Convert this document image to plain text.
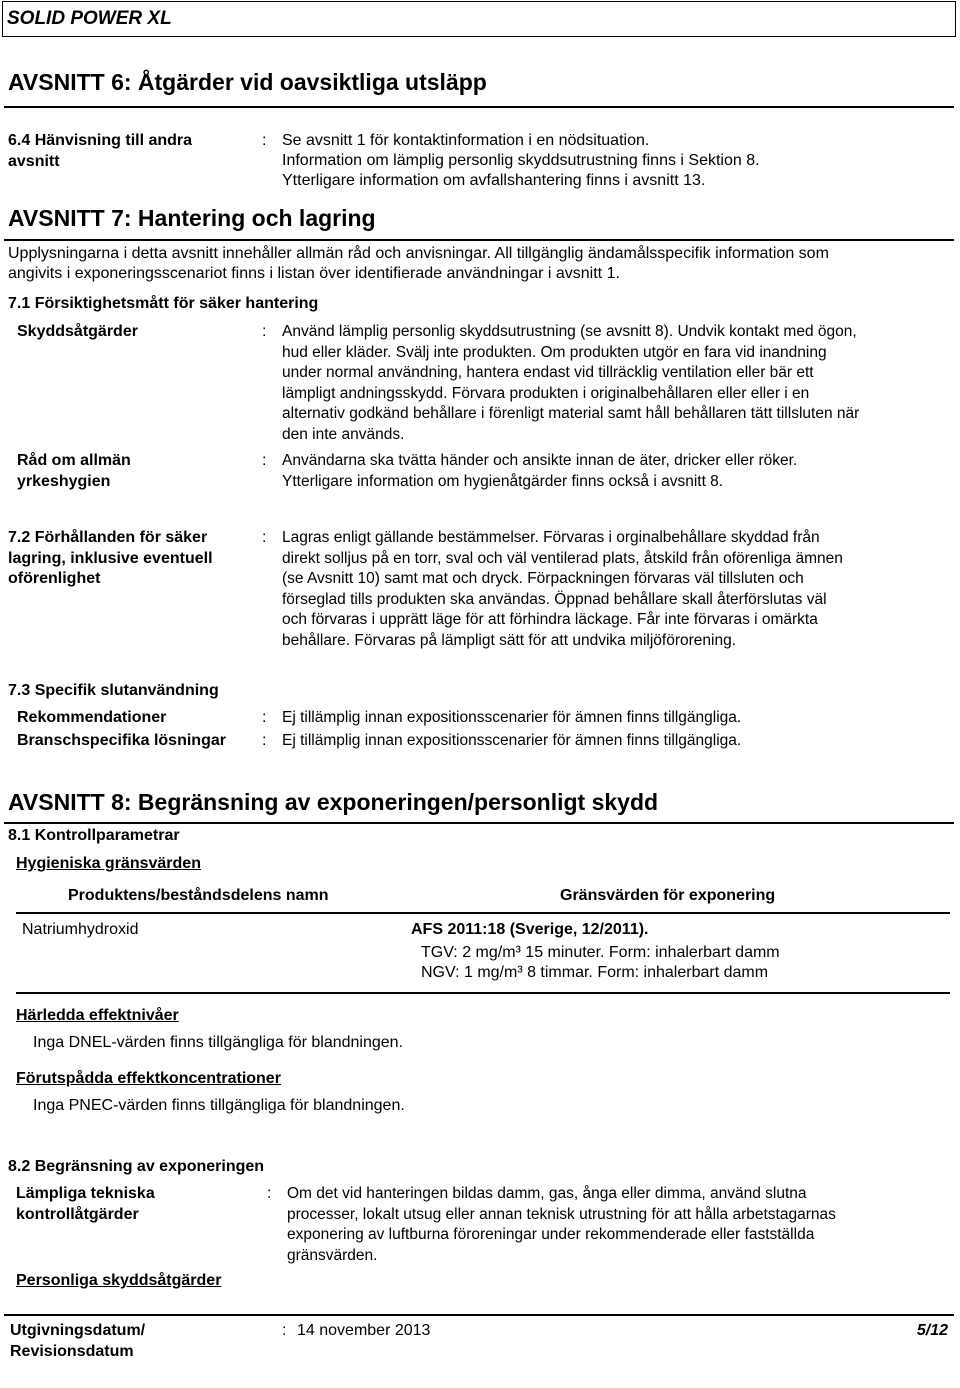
SOLID POWER XL
AVSNITT 6: Åtgärder vid oavsiktliga utsläpp
6.4 Hänvisning till andra
avsnitt
: Se avsnitt 1 för kontaktinformation i en nödsituation.
Information om lämplig personlig skyddsutrustning finns i Sektion 8.
Ytterligare information om avfallshantering finns i avsnitt 13.
AVSNITT 7: Hantering och lagring
Upplysningarna i detta avsnitt innehåller allmän råd och anvisningar. All tillgänglig ändamålsspecifik information som
angivits i exponeringsscenariot finns i listan över identifierade användningar i avsnitt 1.
7.1 Försiktighetsmått för säker hantering
Skyddsåtgärder	: Använd lämplig personlig skyddsutrustning (se avsnitt 8). Undvik kontakt med ögon,

hud eller kläder. Svälj inte produkten. Om produkten utgör en fara vid inandning

under normal användning, hantera endast vid tillräcklig ventilation eller bär ett

lämpligt andningsskydd. Förvara produkten i originalbehållaren eller eller i en

alternativ godkänd behållare i förenligt material samt håll behållaren tätt tillsluten när

den inte används.

Råd om allmän
yrkeshygien
: Användarna ska tvätta händer och ansikte innan de äter, dricker eller röker.

Ytterligare information om hygienåtgärder finns också i avsnitt 8.

7.2 Förhållanden för säker

lagring, inklusive eventuell

oförenlighet

: Lagras enligt gällande bestämmelser. Förvaras i orginalbehållare skyddad från

direkt solljus på en torr, sval och väl ventilerad plats, åtskild från oförenliga ämnen

(se Avsnitt 10) samt mat och dryck. Förpackningen förvaras väl tillsluten och

förseglad tills produkten ska användas. Öppnad behållare skall återförslutas väl

och förvaras i upprätt läge för att förhindra läckage. Får inte förvaras i omärkta

behållare. Förvaras på lämpligt sätt för att undvika miljöförorening.

7.3 Specifik slutanvändning
Rekommendationer	: Ej tillämplig innan expositionsscenarier för ämnen finns tillgängliga.
Branschspecifika lösningar : Ej tillämplig innan expositionsscenarier för ämnen finns tillgängliga.
AVSNITT 8: Begränsning av exponeringen/personligt skydd
8.1 Kontrollparametrar
Hygieniska gränsvärden
Produktens/beståndsdelens namn	Gränsvärden för exponering
Natriumhydroxid	AFS 2011:18 (Sverige, 12/2011).
TGV: 2 mg/m³ 15 minuter. Form: inhalerbart damm
NGV: 1 mg/m³ 8 timmar. Form: inhalerbart damm
Härledda effektnivåer
Inga DNEL-värden finns tillgängliga för blandningen.
Förutspådda effektkoncentrationer
Inga PNEC-värden finns tillgängliga för blandningen.
8.2 Begränsning av exponeringen
Lämpliga tekniska
kontrollåtgärder
: Om det vid hanteringen bildas damm, gas, ånga eller dimma, använd slutna

processer, lokalt utsug eller annan teknisk utrustning för att hålla arbetstagarnas

exponering av luftburna föroreningar under rekommenderade eller fastställda

gränsvärden.

Personliga skyddsåtgärder
Utgivningsdatum/
Revisionsdatum
: 14 november 2013	5/12
